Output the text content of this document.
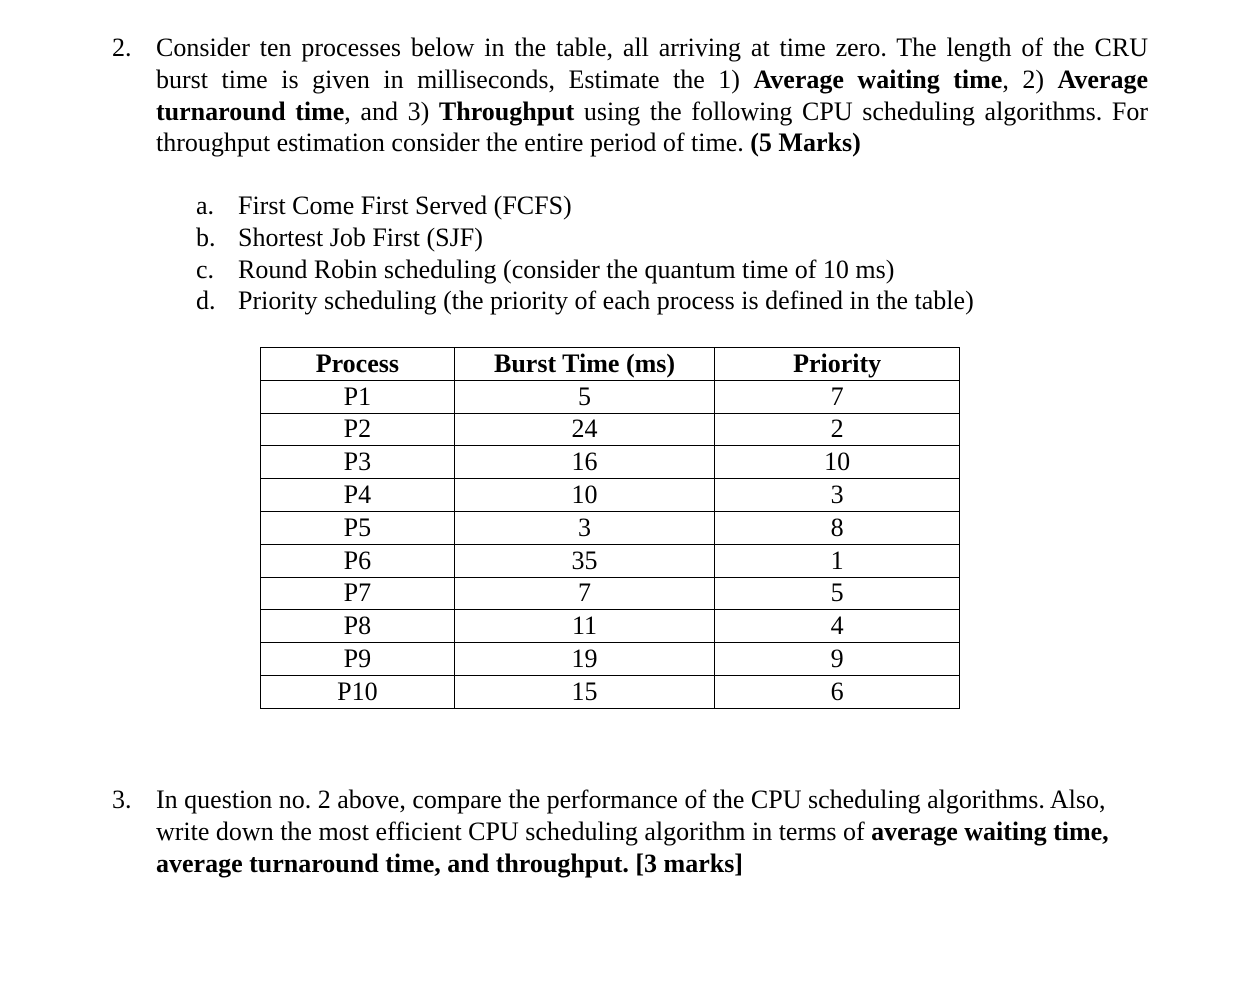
2. Consider ten processes below in the table, all arriving at time zero. The length of the CRU burst time is given in milliseconds, Estimate the 1) Average waiting time, 2) Average turnaround time, and 3) Throughput using the following CPU scheduling algorithms. For throughput estimation consider the entire period of time. (5 Marks)
a. First Come First Served (FCFS)
b. Shortest Job First (SJF)
c. Round Robin scheduling (consider the quantum time of 10 ms)
d. Priority scheduling (the priority of each process is defined in the table)
Process	Burst Time (ms)	Priority
P1	5	7
P2	24	2
P3	16	10
P4	10	3
P5	3	8
P6	35	1
P7	7	5
P8	11	4
P9	19	9
P10	15	6
3. In question no. 2 above, compare the performance of the CPU scheduling algorithms. Also, write down the most efficient CPU scheduling algorithm in terms of average waiting time, average turnaround time, and throughput. [3 marks]
